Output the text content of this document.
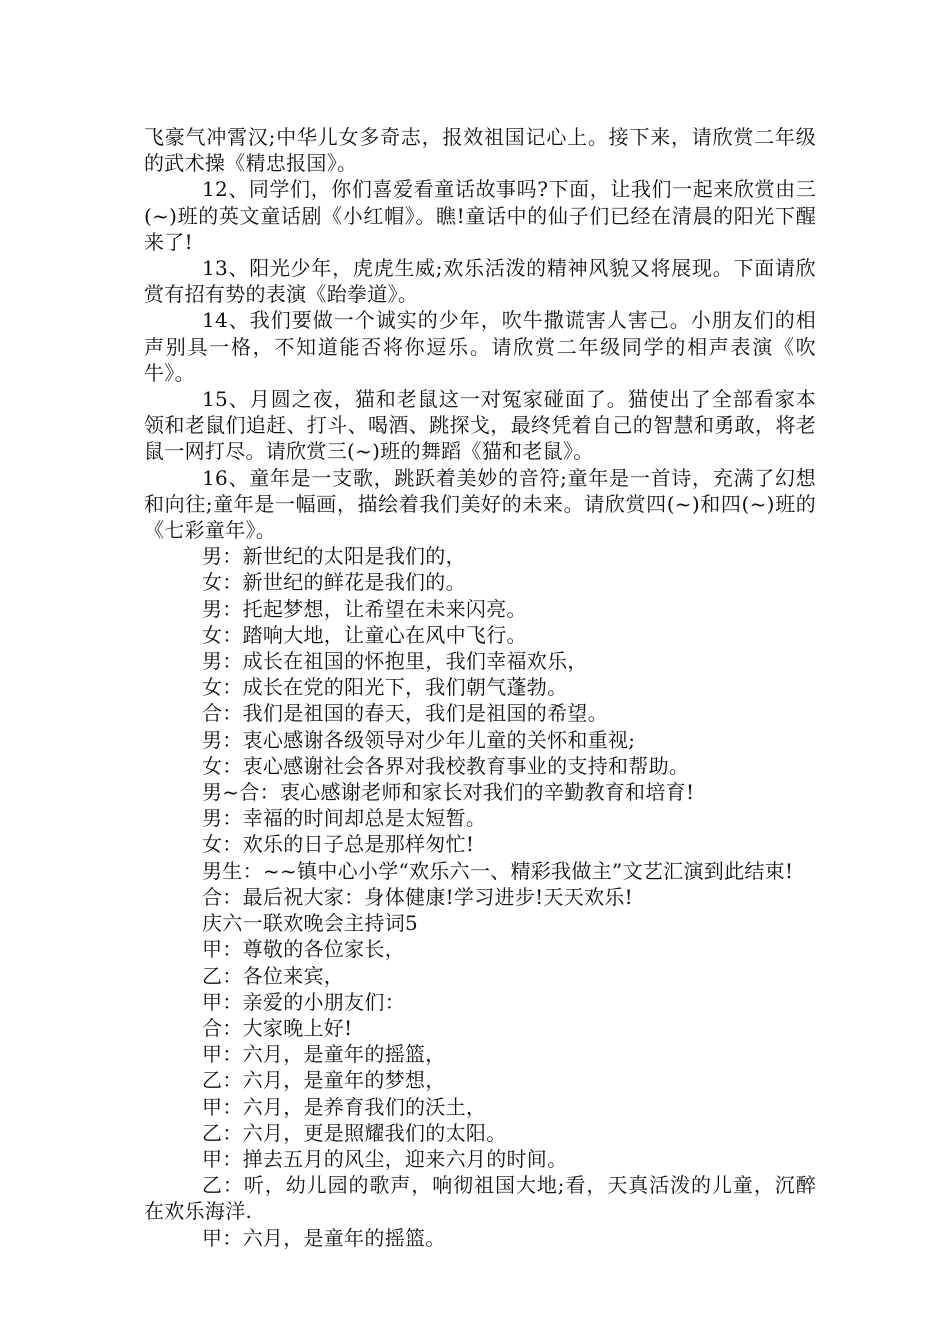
飞豪气冲霄汉;中华儿女多奇志，报效祖国记心上。接下来，请欣赏二年级的武术操《精忠报国》。

12、同学们，你们喜爱看童话故事吗?下面，让我们一起来欣赏由三(~)班的英文童话剧《小红帽》。瞧!童话中的仙子们已经在清晨的阳光下醒来了!

13、阳光少年，虎虎生威;欢乐活泼的精神风貌又将展现。下面请欣赏有招有势的表演《跆拳道》。

14、我们要做一个诚实的少年，吹牛撒谎害人害己。小朋友们的相声别具一格，不知道能否将你逗乐。请欣赏二年级同学的相声表演《吹牛》。

15、月圆之夜，猫和老鼠这一对冤家碰面了。猫使出了全部看家本领和老鼠们追赶、打斗、喝酒、跳探戈，最终凭着自己的智慧和勇敢，将老鼠一网打尽。请欣赏三(~)班的舞蹈《猫和老鼠》。

16、童年是一支歌，跳跃着美妙的音符;童年是一首诗，充满了幻想和向往;童年是一幅画，描绘着我们美好的未来。请欣赏四(~)和四(~)班的《七彩童年》。

男：新世纪的太阳是我们的，

女：新世纪的鲜花是我们的。

男：托起梦想，让希望在未来闪亮。

女：踏响大地，让童心在风中飞行。

男：成长在祖国的怀抱里，我们幸福欢乐，

女：成长在党的阳光下，我们朝气蓬勃。

合：我们是祖国的春天，我们是祖国的希望。

男：衷心感谢各级领导对少年儿童的关怀和重视;

女：衷心感谢社会各界对我校教育事业的支持和帮助。

男~合：衷心感谢老师和家长对我们的辛勤教育和培育!

男：幸福的时间却总是太短暂。

女：欢乐的日子总是那样匆忙!

男生：~~镇中心小学“欢乐六一、精彩我做主”文艺汇演到此结束!

合：最后祝大家：身体健康!学习进步!天天欢乐!

庆六一联欢晚会主持词5

甲：尊敬的各位家长，

乙：各位来宾，

甲：亲爱的小朋友们：

合：大家晚上好!

甲：六月，是童年的摇篮，

乙：六月，是童年的梦想，

甲：六月，是养育我们的沃土，

乙：六月，更是照耀我们的太阳。

甲：掸去五月的风尘，迎来六月的时间。

乙：听，幼儿园的歌声，响彻祖国大地;看，天真活泼的儿童，沉醉在欢乐海洋.

甲：六月，是童年的摇篮。
